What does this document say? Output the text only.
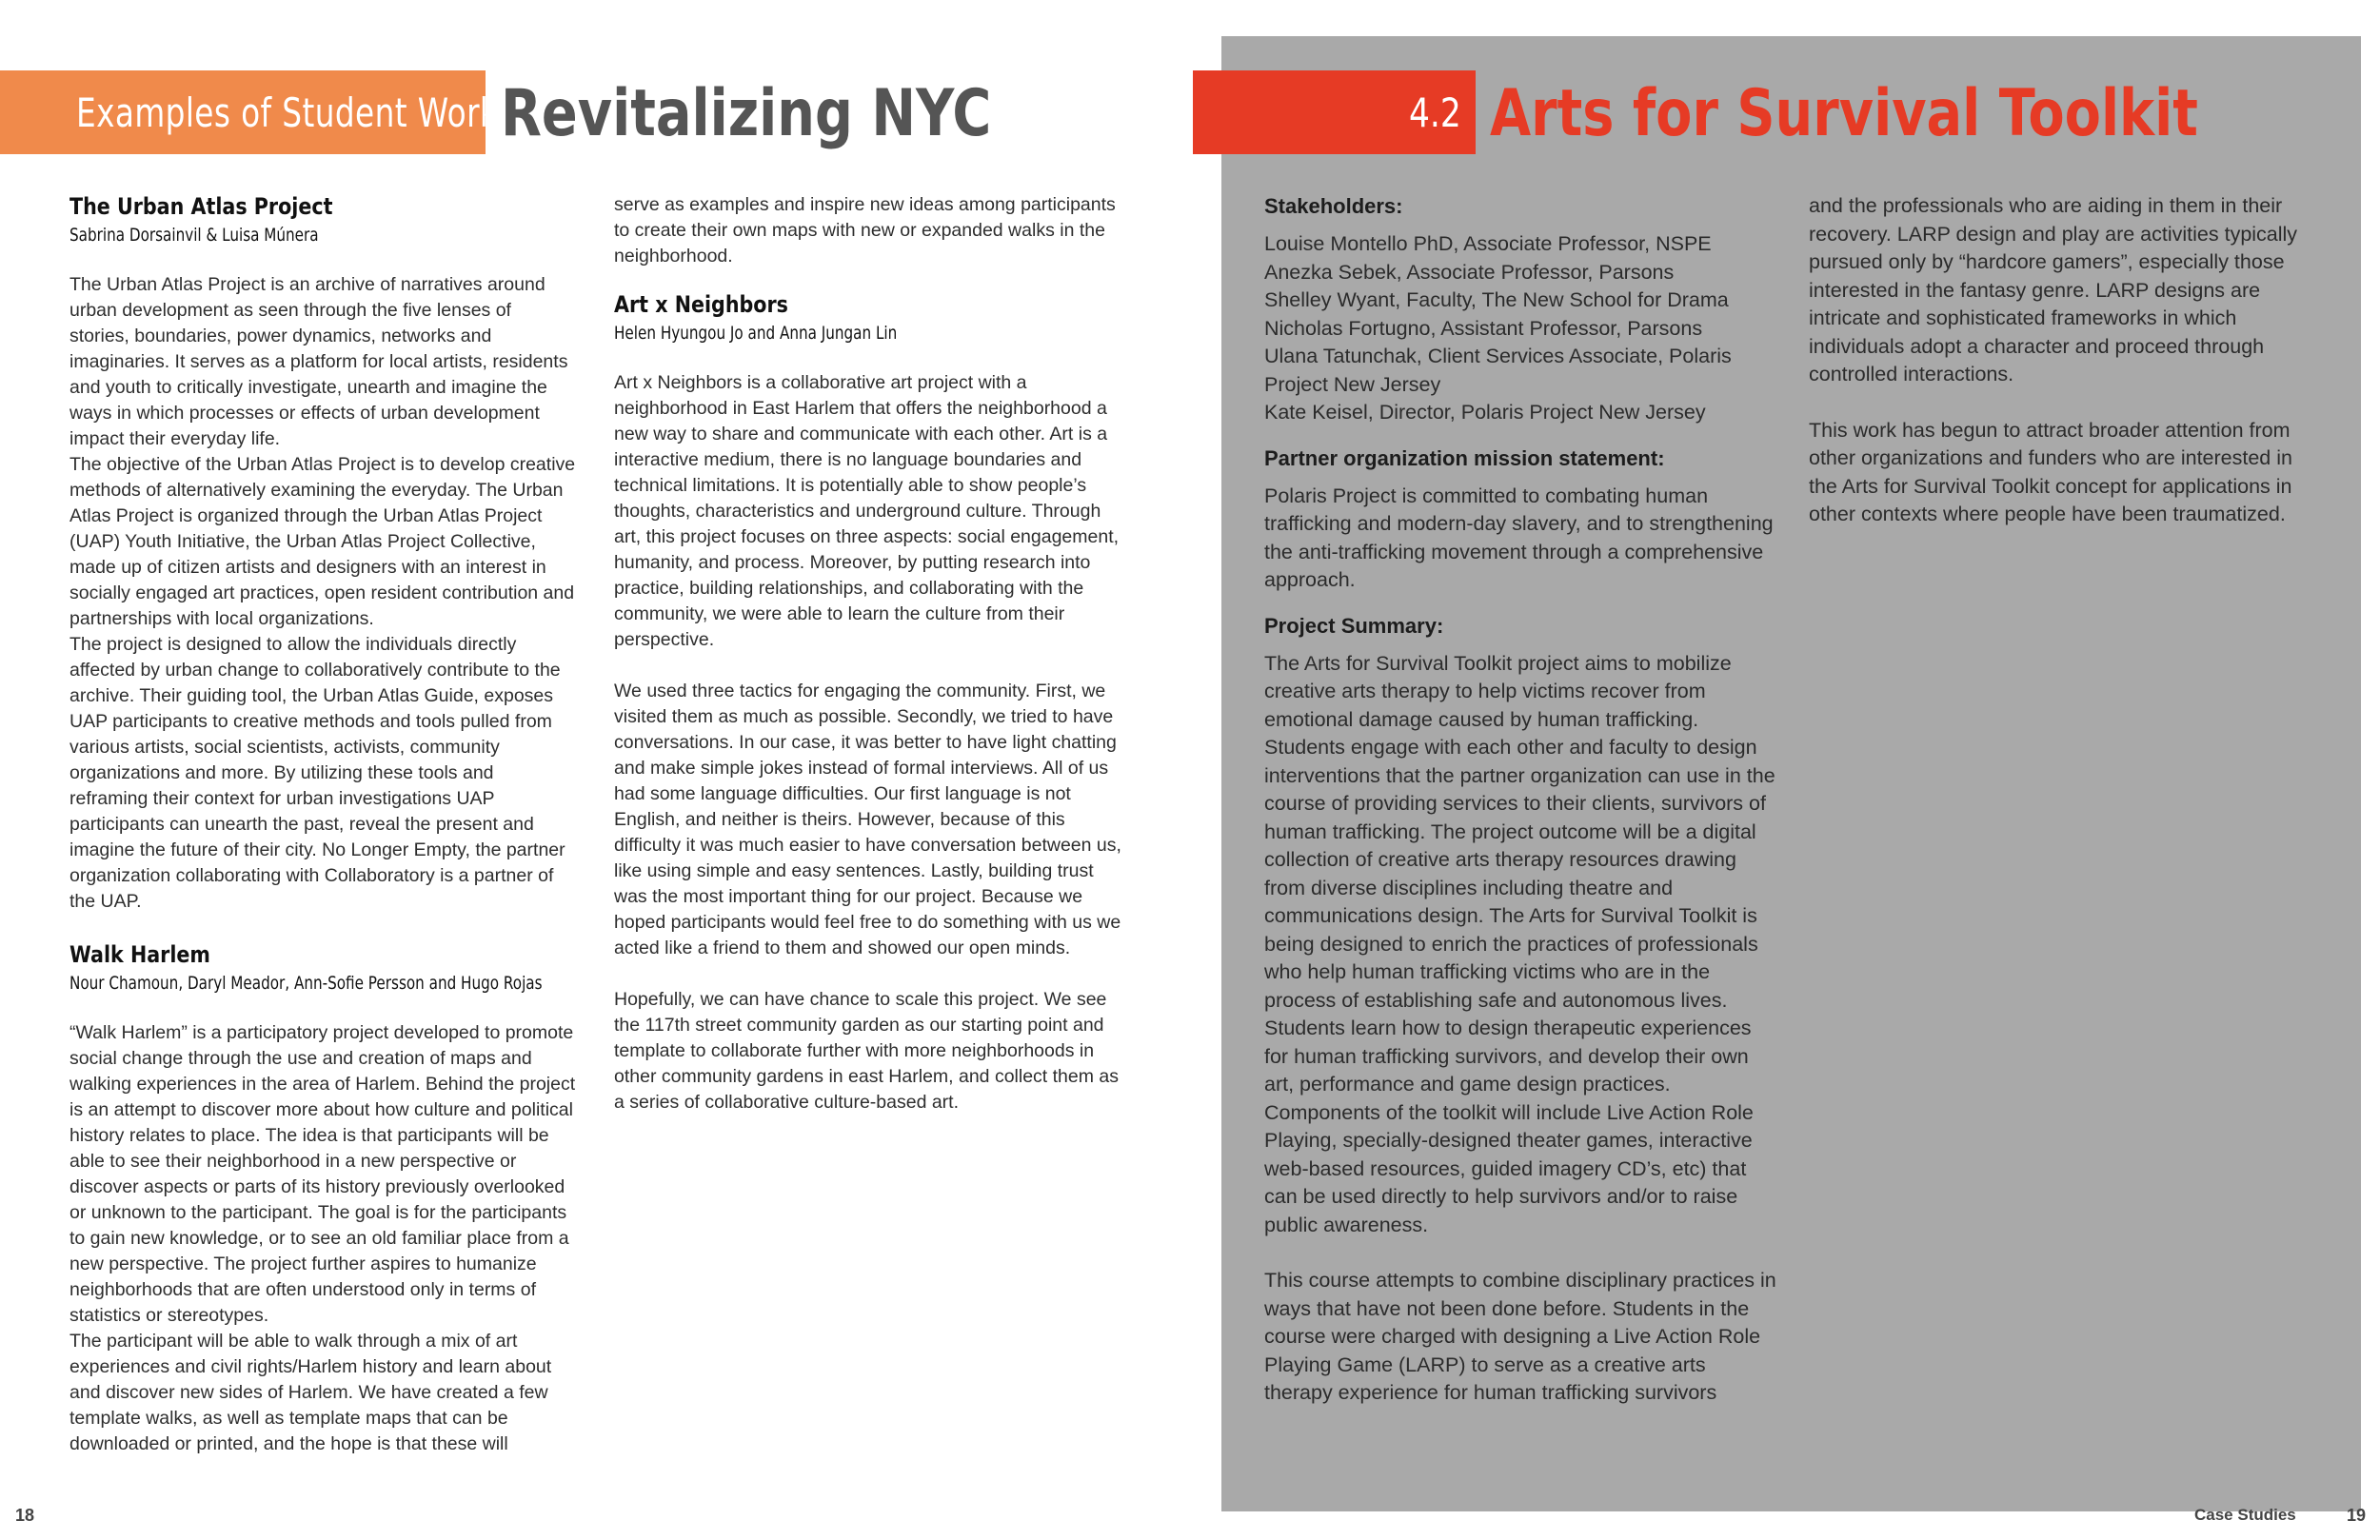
Examples of Student Work:
Revitalizing NYC	4.2 Arts for Survival Toolkit
The Urban Atlas Project
Sabrina Dorsainvil & Luisa Múnera

The Urban Atlas Project is an archive of narratives around urban development as seen through the five lenses of stories, boundaries, power dynamics, networks and imaginaries. It serves as a platform for local artists, residents and youth to critically investigate, unearth and imagine the ways in which processes or effects of urban development impact their everyday life.

The objective of the Urban Atlas Project is to develop creative methods of alternatively examining the everyday. The Urban Atlas Project is organized through the Urban Atlas Project (UAP) Youth Initiative, the Urban Atlas Project Collective, made up of citizen artists and designers with an interest in socially engaged art practices, open resident contribution and partnerships with local organizations.

The project is designed to allow the individuals directly affected by urban change to collaboratively contribute to the archive. Their guiding tool, the Urban Atlas Guide, exposes UAP participants to creative methods and tools pulled from various artists, social scientists, activists, community organizations and more. By utilizing these tools and reframing their context for urban investigations UAP participants can unearth the past, reveal the present and imagine the future of their city. No Longer Empty, the partner organization collaborating with Collaboratory is a partner of the UAP.

Walk Harlem
Nour Chamoun, Daryl Meador, Ann-Sofie Persson and Hugo Rojas

“Walk Harlem” is a participatory project developed to promote social change through the use and creation of maps and walking experiences in the area of Harlem. Behind the project is an attempt to discover more about how culture and political history relates to place. The idea is that participants will be able to see their neighborhood in a new perspective or discover aspects or parts of its history previously overlooked or unknown to the participant. The goal is for the participants to gain new knowledge, or to see an old familiar place from a new perspective. The project further aspires to humanize neighborhoods that are often understood only in terms of statistics or stereotypes.

The participant will be able to walk through a mix of art experiences and civil rights/Harlem history and learn about and discover new sides of Harlem. We have created a few template walks, as well as template maps that can be downloaded or printed, and the hope is that these will

serve as examples and inspire new ideas among participants to create their own maps with new or expanded walks in the neighborhood.

Art x Neighbors
Helen Hyungou Jo and Anna Jungan Lin

Art x Neighbors is a collaborative art project with a neighborhood in East Harlem that offers the neighborhood a new way to share and communicate with each other. Art is a interactive medium, there is no language boundaries and technical limitations. It is potentially able to show people’s thoughts, characteristics and underground culture. Through art, this project focuses on three aspects: social engagement, humanity, and process. Moreover, by putting research into practice, building relationships, and collaborating with the community, we were able to learn the culture from their perspective.

We used three tactics for engaging the community. First, we visited them as much as possible. Secondly, we tried to have conversations. In our case, it was better to have light chatting and make simple jokes instead of formal interviews. All of us had some language difficulties. Our first language is not English, and neither is theirs. However, because of this difficulty it was much easier to have conversation between us, like using simple and easy sentences. Lastly, building trust was the most important thing for our project. Because we hoped participants would feel free to do something with us we acted like a friend to them and showed our open minds.

Hopefully, we can have chance to scale this project. We see the 117th street community garden as our starting point and template to collaborate further with more neighborhoods in other community gardens in east Harlem, and collect them as a series of collaborative culture-based art.

Stakeholders:
Louise Montello PhD, Associate Professor, NSPE
Anezka Sebek, Associate Professor, Parsons
Shelley Wyant, Faculty, The New School for Drama
Nicholas Fortugno, Assistant Professor, Parsons
Ulana Tatunchak, Client Services Associate, Polaris Project New Jersey
Kate Keisel, Director, Polaris Project New Jersey
Partner organization mission statement:

Polaris Project is committed to combating human trafficking and modern-day slavery, and to strengthening the anti-trafficking movement through a comprehensive approach.

Project Summary:

The Arts for Survival Toolkit project aims to mobilize creative arts therapy to help victims recover from emotional damage caused by human trafficking. Students engage with each other and faculty to design interventions that the partner organization can use in the course of providing services to their clients, survivors of human trafficking. The project outcome will be a digital collection of creative arts therapy resources drawing from diverse disciplines including theatre and communications design. The Arts for Survival Toolkit is being designed to enrich the practices of professionals who help human trafficking victims who are in the process of establishing safe and autonomous lives. Students learn how to design therapeutic experiences for human trafficking survivors, and develop their own art, performance and game design practices. Components of the toolkit will include Live Action Role Playing, specially-designed theater games, interactive web-based resources, guided imagery CD’s, etc) that can be used directly to help survivors and/or to raise public awareness.

This course attempts to combine disciplinary practices in ways that have not been done before. Students in the course were charged with designing a Live Action Role Playing Game (LARP) to serve as a creative arts therapy experience for human trafficking survivors

and the professionals who are aiding in them in their recovery. LARP design and play are activities typically pursued only by “hardcore gamers”, especially those interested in the fantasy genre. LARP designs are intricate and sophisticated frameworks in which individuals adopt a character and proceed through controlled interactions.

This work has begun to attract broader attention from other organizations and funders who are interested in the Arts for Survival Toolkit concept for applications in other contexts where people have been traumatized.

18	Case Studies	19
